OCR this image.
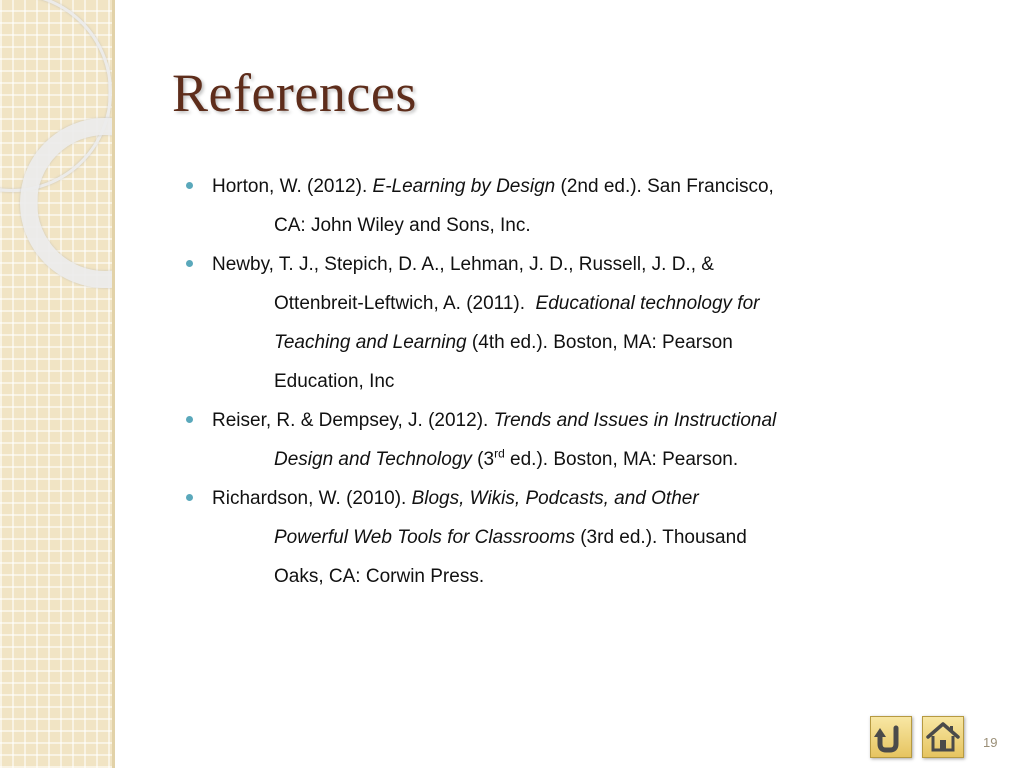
References
Horton, W. (2012). E-Learning by Design (2nd ed.). San Francisco,
CA: John Wiley and Sons, Inc.
Newby, T. J., Stepich, D. A., Lehman, J. D., Russell, J. D., &
Ottenbreit-Leftwich, A. (2011).  Educational technology for
Teaching and Learning (4th ed.). Boston, MA: Pearson
Education, Inc
Reiser, R. & Dempsey, J. (2012). Trends and Issues in Instructional
Design and Technology (3rd ed.). Boston, MA: Pearson.
Richardson, W. (2010). Blogs, Wikis, Podcasts, and Other
Powerful Web Tools for Classrooms (3rd ed.). Thousand
Oaks, CA: Corwin Press.
19
